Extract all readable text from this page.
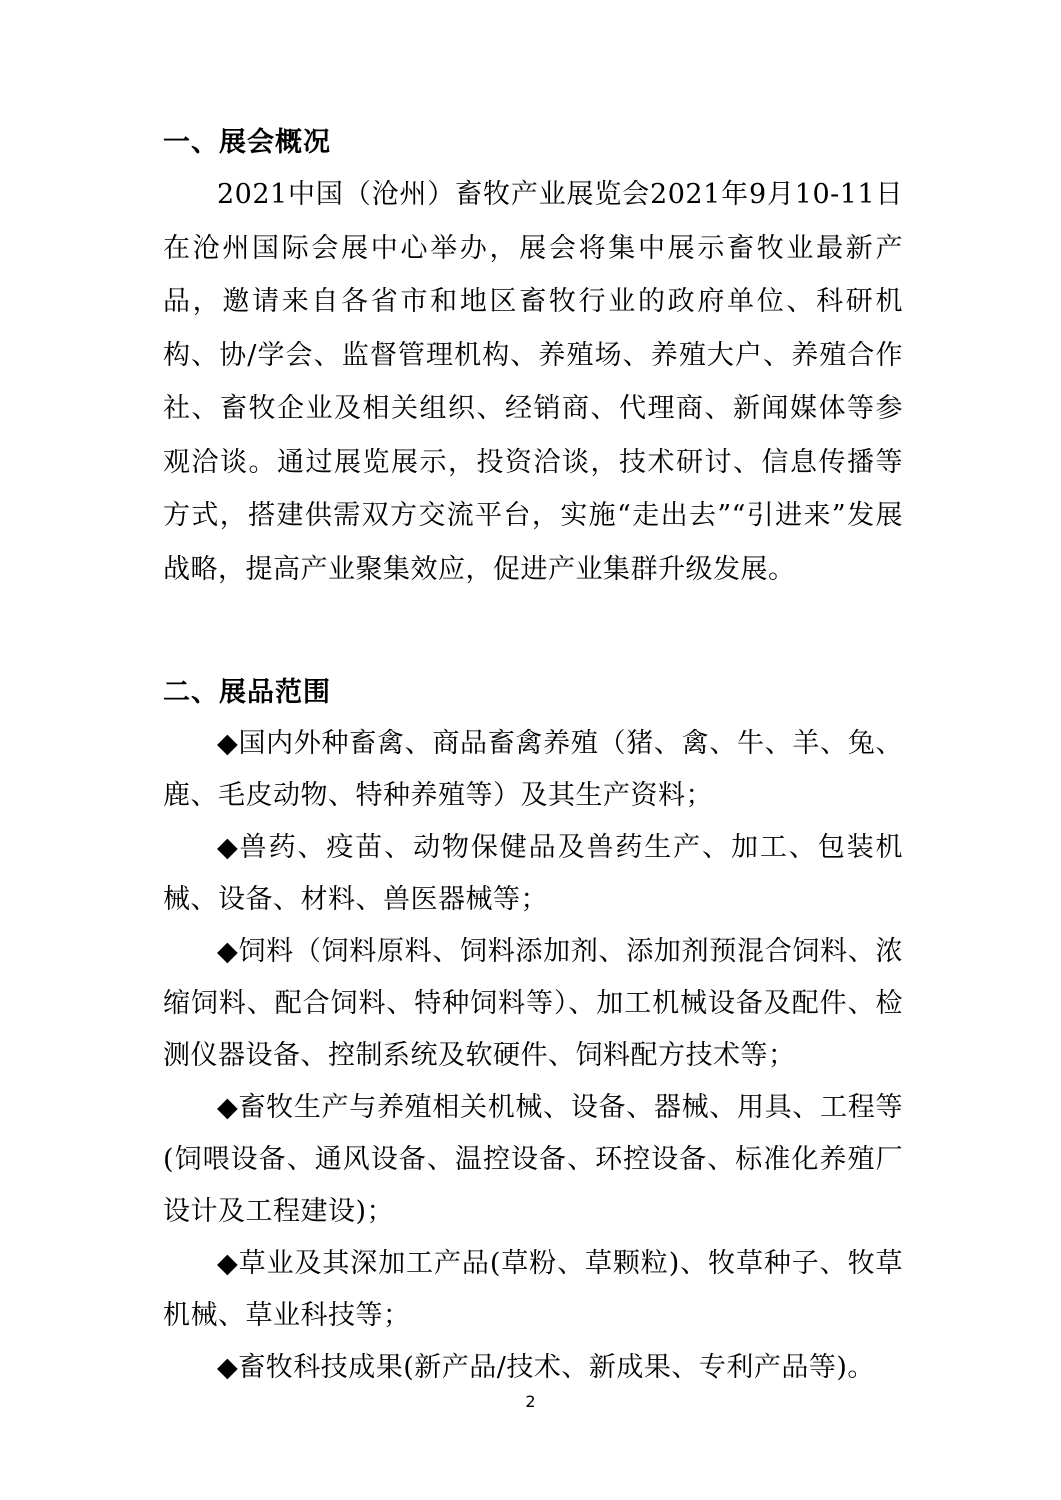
一、展会概况

2021中国（沧州）畜牧产业展览会2021年9月10-11日在沧州国际会展中心举办，展会将集中展示畜牧业最新产品，邀请来自各省市和地区畜牧行业的政府单位、科研机构、协/学会、监督管理机构、养殖场、养殖大户、养殖合作社、畜牧企业及相关组织、经销商、代理商、新闻媒体等参观洽谈。通过展览展示，投资洽谈，技术研讨、信息传播等方式，搭建供需双方交流平台，实施“走出去”“引进来”发展战略，提高产业聚集效应，促进产业集群升级发展。

二、展品范围

◆国内外种畜禽、商品畜禽养殖（猪、禽、牛、羊、兔、鹿、毛皮动物、特种养殖等）及其生产资料；

◆兽药、疫苗、动物保健品及兽药生产、加工、包装机械、设备、材料、兽医器械等；

◆饲料（饲料原料、饲料添加剂、添加剂预混合饲料、浓缩饲料、配合饲料、特种饲料等）、加工机械设备及配件、检测仪器设备、控制系统及软硬件、饲料配方技术等；

◆畜牧生产与养殖相关机械、设备、器械、用具、工程等(饲喂设备、通风设备、温控设备、环控设备、标准化养殖厂设计及工程建设)；

◆草业及其深加工产品(草粉、草颗粒)、牧草种子、牧草机械、草业科技等；

◆畜牧科技成果(新产品/技术、新成果、专利产品等)。

2
